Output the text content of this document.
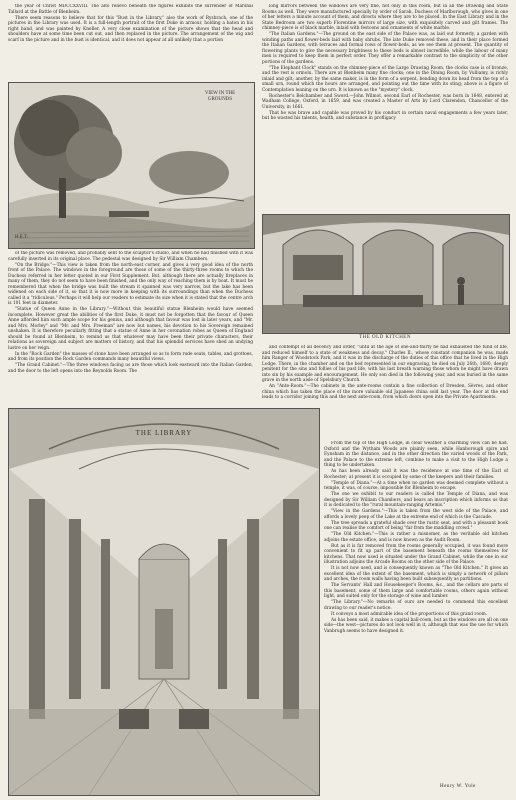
the year of Christ MDCCXXVIII. The alto relievo beneath the figures exhibits the surrender of Marshal Tallard at the Battle of Blenheim.

There seem reasons to believe that for this "Bust in the Library," also the work of Rysbrach, one of the pictures in the Library was used. It is a full-length portrait of the first Duke in armour, holding a baton in his right hand, and was painted by Kneller. A very close examination of the picture shows that the head and shoulders have at some time been cut out, and then replaced in the picture. The arrangement of the wig and scarf in the picture and in the bust is identical, and it does not appear at all unlikely that a portion

VIEW IN THE GROUNDS
H.E.T.

of the picture was removed, and probably sent to the sculptor's studio, and when he had finished with it was carefully inserted in its original place. The pedestal was designed by Sir William Chambers.

"On the Bridge."—This view is taken from the north-east corner, and gives a very good idea of the north front of the Palace. The windows in the foreground are those of some of the thirty-three rooms to which the Duchess referred in her letter quoted in our First Supplement. But, although there are actually fireplaces in many of them, they do not seem to have been finished, and the only way of reaching them is by boat. It must be remembered that when the bridge was built the stream it spanned was very narrow, but the lake has been widened on each side of it, so that it is now more in keeping with its surroundings than when the Duchess called it a "ridiculous." Perhaps it will help our readers to estimate its size when it is stated that the centre arch is 101 feet in diameter.

"Statue of Queen Anne in the Library."—Without this beautiful statue Blenheim would have seemed incomplete. However great the abilities of the first Duke, it must not be forgotten that the favour of Queen Anne afforded him such ample scope for his genius, and although that favour was lost in later years, and "Mr. and Mrs. Morley" and "Mr. and Mrs. Freeman" are now but names, his devotion to his Sovereign remained unshaken. It is therefore peculiarly fitting that a statue of Anne in her coronation robes as Queen of England should be found at Blenheim, to remind us that whatever may have been their private characters, their relations as sovereign and subject are matters of history, and that his splendid services have shed an undying lustre on her reign.

In the "Rock Garden" the masses of stone have been arranged so as to form rude seats, tables, and grottoes, and from its position the Rock Garden commands many beautiful views.

"The Grand Cabinet."—The three windows facing us are those which look eastward into the Italian Garden, and the door to the left opens into the Reynolds Room. The

long mirrors between the windows are very fine, not only in this room, but in all the Drawing and State Rooms as well. They were manufactured specially by order of Sarah, Duchess of Marlborough, who gives in one of her letters a minute account of them, and directs where they are to be placed. In the East Library and in the State Bedroom are two superb Florentine mirrors of large size, with exquisitely carved and gilt frames. The chimney-piece is of black marble, inlaid with festoons and ornaments of white marble.

"The Italian Gardens."—The ground on the east side of the Palace was, as laid out formerly, a garden with winding paths and flower-beds laid with baby shrubs. The late Duke removed these, and in their place formed the Italian Gardens, with terraces and formal rows of flower-beds, as we see them at present. The quantity of flowering plants to give the necessary brightness to these beds is almost incredible, while the labour of many men is required to keep them in perfect order. They offer a remarkable contrast to the simplicity of the other portions of the gardens.

"The Elephant Clock" stands on the chimney-piece of the Large Drawing Room, the clocks case is of bronze, and the rest is ormolu. There are at Blenheim many fine clocks; one in the Dining Room, by Vulliamy, is richly inlaid and gilt; another, by the same maker, is in the form of a serpent, bending down its head from the top of a small urn, round which the hours are arranged, and pointing out the time with its sting; above is a figure of Contemplation leaning on the urn. It is known as the "mystery" clock.

Rochester's Belchamber and Sword.—John Wilmot, second Earl of Rochester, was born in 1648, entered at Wadham College, Oxford, in 1659, and was created a Master of Arts by Lord Clarendon, Chancellor of the University, in 1661.

That he was brave and capable was proved by his conduct in certain naval engagements a few years later, but he wasted his talents, health, and substance in profligacy

THE OLD KITCHEN

and contempt of all decency and order, "until at the age of one-and-thirty he had exhausted the fund of life, and reduced himself to a state of weakness and decay." Charles II., whose constant companion he was, made him Ranger of Woodstock Park, and it was in the discharge of the duties of this office that he lived in the High Lodge. There, in the chamber and on the bed represented in our engraving, he died on July 26th, 1680, deeply penitent for the sins and follies of his past life, with his last breath warning those whom he might have drawn into sin by his example and encouragement. He only son died in the following year, and was buried in the same grave in the north aisle of Spelsbury Church.

An "Ante-Room."—The cabinets in the ante-rooms contain a fine collection of Dresden, Sèvres, and other china which has taken the place of the more valuable old Japanese china sold last year. The door at the end leads to a corridor joining this and the next ante-room, from which doors open into the Private Apartments.

THE LIBRARY

From the top of the High Lodge, in clear weather a charming view can be had. Oxford and the Wytham Woods are plainly seen, while Hanborough spire and Eynsham in the distance, and in the other direction the varied woods of the Park, and the Palace to the extreme left, combine to make a visit to the High Lodge a thing to be undertaken.

As has been already said it was the residence at one time of the Earl of Rochester; at present it is occupied by some of the keepers and their families.

"Temple of Diana."—At a time when no garden was deemed complete without a temple, it was, of course, impossible for Blenheim to escape.

The one we exhibit to our readers is called the Temple of Diana, and was designed by Sir William Chambers, and bears an inscription which informs us that it is dedicated to the "rural mountain-ranging Artemis."

"View in the Gardens."—This is taken from the west side of the Palace, and affords a lovely peep of the Lake at the extreme end of which is the Cascade.

The tree spreads a grateful shade over the rustic seat, and with a pleasant book one can realise the comfort of being "far from the maddling crowd."

"The Old Kitchen."—This is rather a misnomer, as the veritable old kitchen adjoins the estate office, and is now known as the Audit Room.

But as it is far removed from the rooms generally occupied, it was found more convenient to fit up part of the basement beneath the rooms themselves for kitchens. That now used is situated under the Grand Cabinet, while the one in our illustration adjoins the Arcade Rooms on the other side of the Palace.

It is not now used, and is consequently known as "The Old Kitchen." It gives an excellent idea of the extent of the basement, which is simply a network of pillars and arches, the room walls having been built subsequently as partitions.

The Servants' Hall and Housekeeper's Rooms, &c., and the cellars are parts of this basement, some of them large and comfortable rooms, others again without light, and suited only for the storage of wine and lumber.

"The Library."—No remarks of ours are needed to commend this excellent drawing to our reader's notice.

It conveys a most admirable idea of the proportions of this grand room.

As has been said, it makes a capital ball-room, but as the windows are all on one side—the west—pictures do not look well in it, although that was the use for which Vanbrugh seems to have designed it.

Henry W. Yule
